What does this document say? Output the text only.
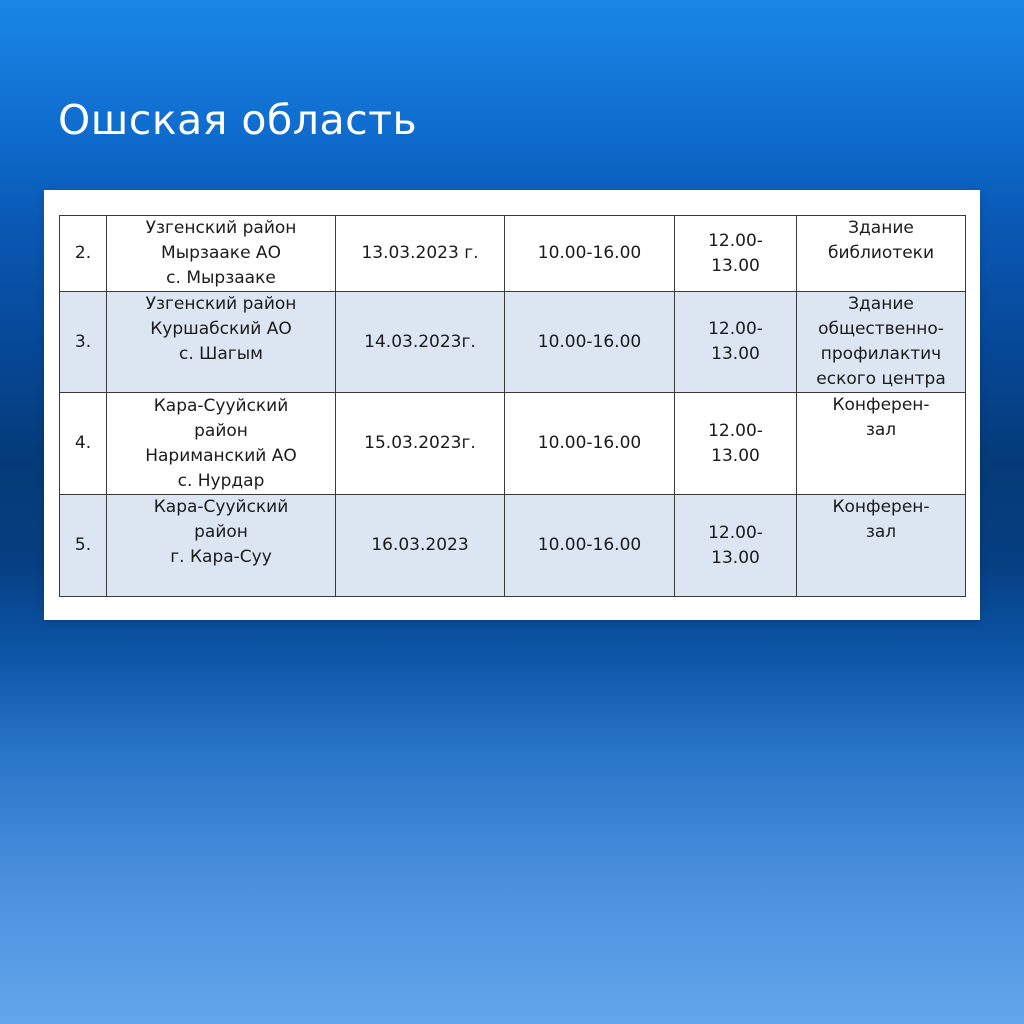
Ошская область
2.	Узгенский район
Мырзааке АО
с. Мырзааке	13.03.2023 г.	10.00-16.00	12.00-
13.00	Здание
библиотеки

3.	Узгенский район
Куршабский АО
с. Шагым	14.03.2023г.	10.00-16.00	12.00-
13.00	Здание
общественно-
профилактич
еского центра

4.	Кара-Сууйский
район
Нариманский АО
с. Нурдар	15.03.2023г.	10.00-16.00	12.00-
13.00	Конферен-
зал

5.	Кара-Сууйский
район
г. Кара-Суу	16.03.2023	10.00-16.00	12.00-
13.00	Конферен-
зал
